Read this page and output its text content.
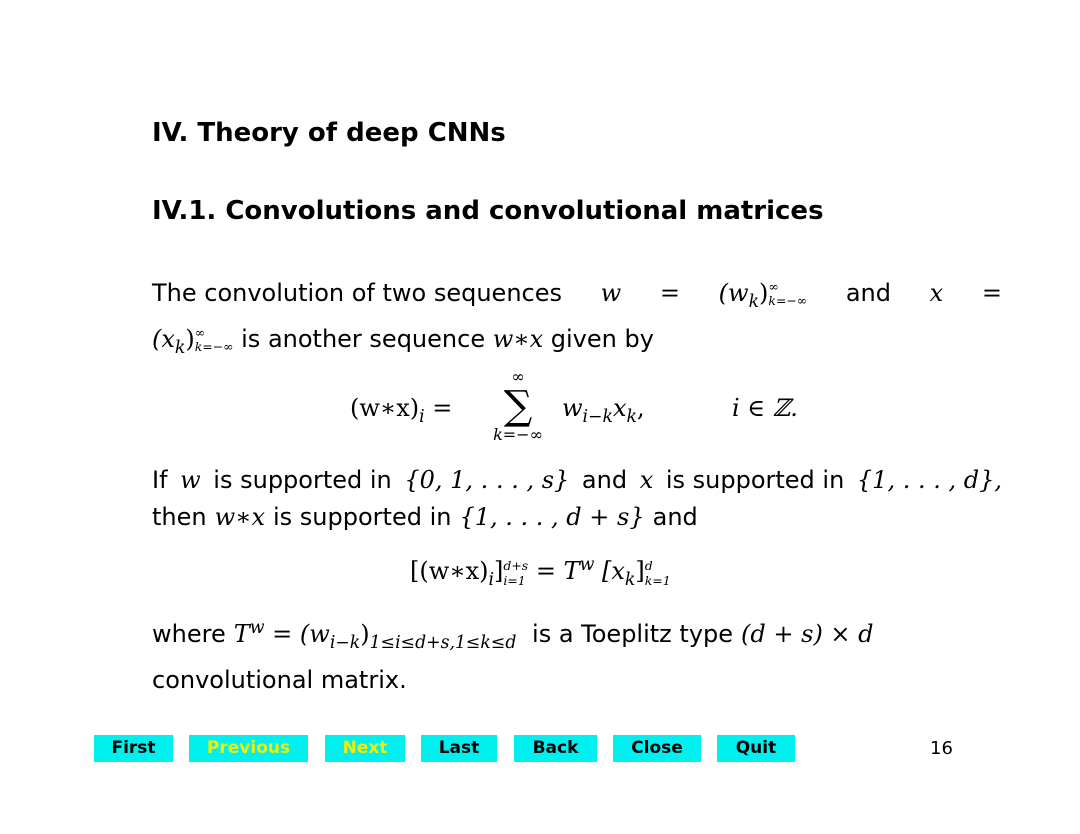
IV. Theory of deep CNNs
IV.1. Convolutions and convolutional matrices
The convolution of two sequences $w = (w_k)$ ∞
k=−∞ and x =
$(x_k)$ ∞
k=−∞ is another sequence w∗x given by
$(w∗x)_i$ =
∞
∑
k=−∞
$w_{i-k}x_k$,	i ∈ ℤ.
If w is supported in {0, 1, . . . , s} and x is supported in {1, . . . , d},
then w∗x is supported in {1, . . . , d + s} and
$[(w∗x)_i]$ d+s
$i=1 = T^w$ $[x_k]$ d
k=1
where $T^w = (w_{i-k})_{1\le i\le d+s,1\le k\le d}$ is a Toeplitz type (d + s) × d
convolutional matrix.
First	Previous	Next	Last	Back	Close	Quit	16
